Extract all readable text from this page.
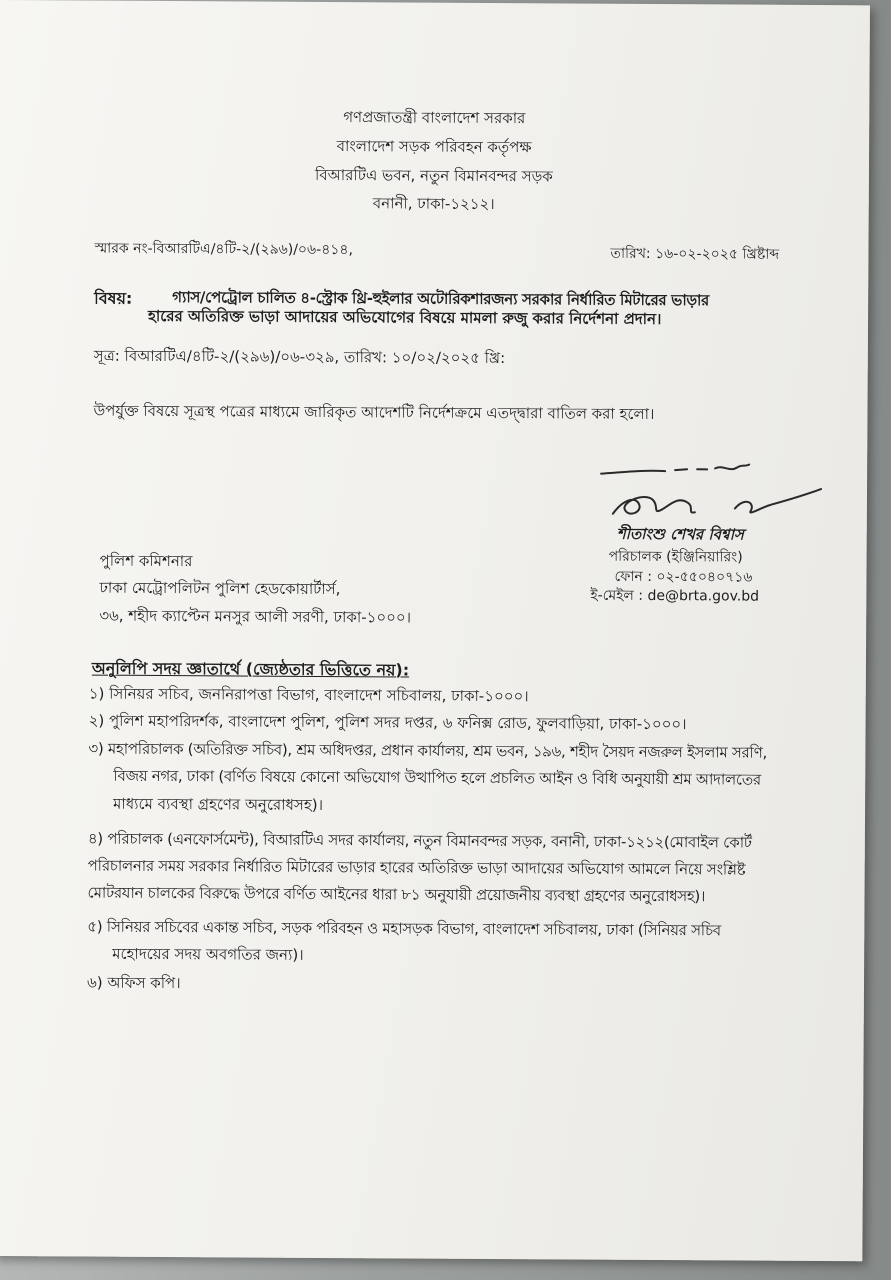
গণপ্রজাতন্ত্রী বাংলাদেশ সরকার
বাংলাদেশ সড়ক পরিবহন কর্তৃপক্ষ
বিআরটিএ ভবন, নতুন বিমানবন্দর সড়ক
বনানী, ঢাকা-১২১২।
স্মারক নং-বিআরটিএ/৪টি-২/(২৯৬)/০৬-৪১৪,	তারিখ: ১৬-০২-২০২৫ খ্রিষ্টাব্দ
বিষয়:	গ্যাস/পেট্রোল চালিত ৪-স্ট্রোক থ্রি-হুইলার অটোরিকশারজন্য সরকার নির্ধারিত মিটারের ভাড়ার
হারের অতিরিক্ত ভাড়া আদায়ের অভিযোগের বিষয়ে মামলা রুজু করার নির্দেশনা প্রদান।
সূত্র: বিআরটিএ/৪টি-২/(২৯৬)/০৬-৩২৯, তারিখ: ১০/০২/২০২৫ খ্রি:
উপর্যুক্ত বিষয়ে সূত্রস্থ পত্রের মাধ্যমে জারিকৃত আদেশটি নির্দেশক্রমে এতদ্দ্বারা বাতিল করা হলো।
শীতাংশু শেখর বিশ্বাস
পরিচালক (ইঞ্জিনিয়ারিং)
ফোন : ০২-৫৫০৪০৭১৬
ই-মেইল : de@brta.gov.bd
পুলিশ কমিশনার
ঢাকা মেট্রোপলিটন পুলিশ হেডকোয়ার্টার্স,
৩৬, শহীদ ক্যাপ্টেন মনসুর আলী সরণী, ঢাকা-১০০০।
অনুলিপি সদয় জ্ঞাতার্থে (জ্যেষ্ঠতার ভিত্তিতে নয়):
১) সিনিয়র সচিব, জননিরাপত্তা বিভাগ, বাংলাদেশ সচিবালয়, ঢাকা-১০০০।
২) পুলিশ মহাপরিদর্শক, বাংলাদেশ পুলিশ, পুলিশ সদর দপ্তর, ৬ ফনিক্স রোড, ফুলবাড়িয়া, ঢাকা-১০০০।
৩) মহাপরিচালক (অতিরিক্ত সচিব), শ্রম অধিদপ্তর, প্রধান কার্যালয়, শ্রম ভবন, ১৯৬, শহীদ সৈয়দ নজরুল ইসলাম সরণি,
বিজয় নগর, ঢাকা (বর্ণিত বিষয়ে কোনো অভিযোগ উত্থাপিত হলে প্রচলিত আইন ও বিধি অনুযায়ী শ্রম আদালতের
মাধ্যমে ব্যবস্থা গ্রহণের অনুরোধসহ)।
৪) পরিচালক (এনফোর্সমেন্ট), বিআরটিএ সদর কার্যালয়, নতুন বিমানবন্দর সড়ক, বনানী, ঢাকা-১২১২(মোবাইল কোর্ট
পরিচালনার সময় সরকার নির্ধারিত মিটারের ভাড়ার হারের অতিরিক্ত ভাড়া আদায়ের অভিযোগ আমলে নিয়ে সংশ্লিষ্ট
মোটরযান চালকের বিরুদ্ধে উপরে বর্ণিত আইনের ধারা ৮১ অনুযায়ী প্রয়োজনীয় ব্যবস্থা গ্রহণের অনুরোধসহ)।
৫) সিনিয়র সচিবের একান্ত সচিব, সড়ক পরিবহন ও মহাসড়ক বিভাগ, বাংলাদেশ সচিবালয়, ঢাকা (সিনিয়র সচিব
মহোদয়ের সদয় অবগতির জন্য)।
৬) অফিস কপি।
